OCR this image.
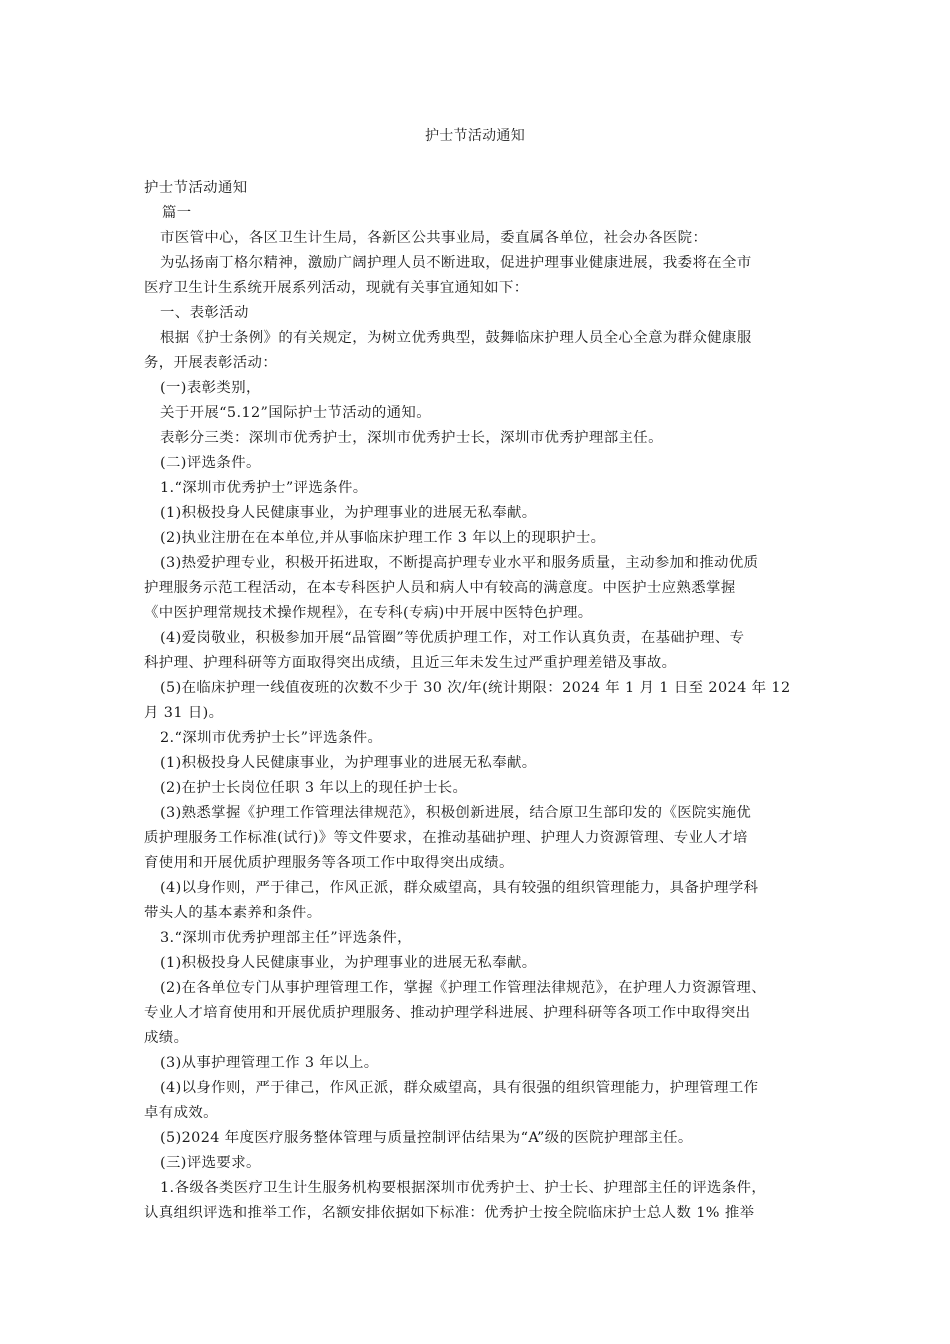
护士节活动通知

护士节活动通知

篇一

市医管中心，各区卫生计生局，各新区公共事业局，委直属各单位，社会办各医院：

为弘扬南丁格尔精神，激励广阔护理人员不断进取，促进护理事业健康进展，我委将在全市

医疗卫生计生系统开展系列活动，现就有关事宜通知如下：

一、表彰活动

根据《护士条例》的有关规定，为树立优秀典型，鼓舞临床护理人员全心全意为群众健康服

务，开展表彰活动：

(一)表彰类别，

关于开展“5.12”国际护士节活动的通知。

表彰分三类：深圳市优秀护士，深圳市优秀护士长，深圳市优秀护理部主任。

(二)评选条件。

1.“深圳市优秀护士”评选条件。

(1)积极投身人民健康事业，为护理事业的进展无私奉献。

(2)执业注册在在本单位,并从事临床护理工作 3 年以上的现职护士。

(3)热爱护理专业，积极开拓进取，不断提高护理专业水平和服务质量，主动参加和推动优质

护理服务示范工程活动，在本专科医护人员和病人中有较高的满意度。中医护士应熟悉掌握

《中医护理常规技术操作规程》，在专科(专病)中开展中医特色护理。

(4)爱岗敬业，积极参加开展“品管圈”等优质护理工作，对工作认真负责，在基础护理、专

科护理、护理科研等方面取得突出成绩，且近三年未发生过严重护理差错及事故。

(5)在临床护理一线值夜班的次数不少于 30 次/年(统计期限：2024 年 1 月 1 日至 2024 年 12

月 31 日)。

2.“深圳市优秀护士长”评选条件。

(1)积极投身人民健康事业，为护理事业的进展无私奉献。

(2)在护士长岗位任职 3 年以上的现任护士长。

(3)熟悉掌握《护理工作管理法律规范》，积极创新进展，结合原卫生部印发的《医院实施优

质护理服务工作标准(试行)》等文件要求，在推动基础护理、护理人力资源管理、专业人才培

育使用和开展优质护理服务等各项工作中取得突出成绩。

(4)以身作则，严于律己，作风正派，群众威望高，具有较强的组织管理能力，具备护理学科

带头人的基本素养和条件。

3.“深圳市优秀护理部主任”评选条件，

(1)积极投身人民健康事业，为护理事业的进展无私奉献。

(2)在各单位专门从事护理管理工作，掌握《护理工作管理法律规范》，在护理人力资源管理、

专业人才培育使用和开展优质护理服务、推动护理学科进展、护理科研等各项工作中取得突出

成绩。

(3)从事护理管理工作 3 年以上。

(4)以身作则，严于律己，作风正派，群众威望高，具有很强的组织管理能力，护理管理工作

卓有成效。

(5)2024 年度医疗服务整体管理与质量控制评估结果为“A”级的医院护理部主任。

(三)评选要求。

1.各级各类医疗卫生计生服务机构要根据深圳市优秀护士、护士长、护理部主任的评选条件，

认真组织评选和推举工作，名额安排依据如下标准：优秀护士按全院临床护士总人数 1% 推举
